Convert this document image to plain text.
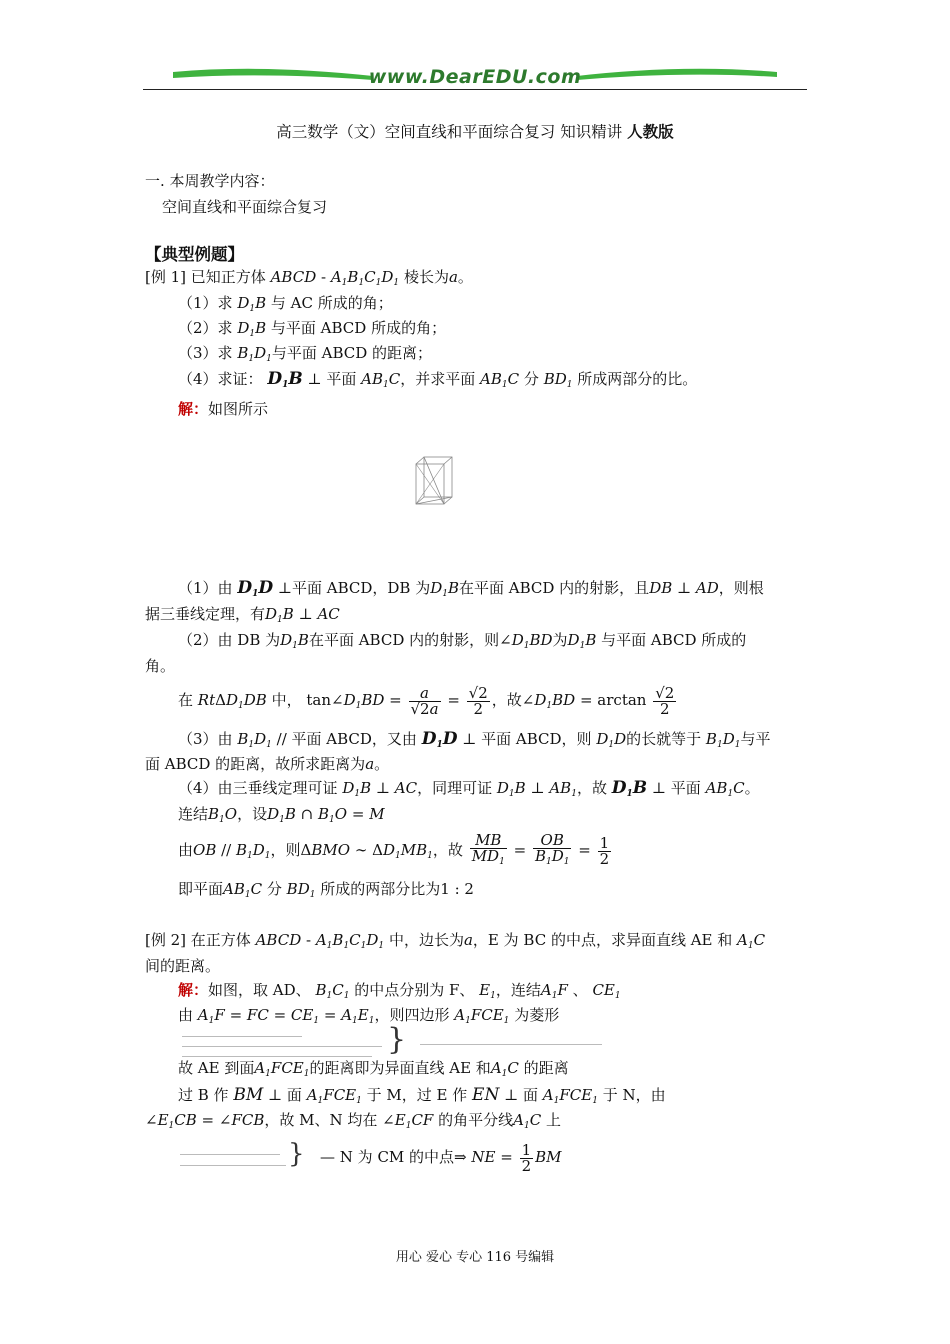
www.DearEDU.com
高三数学（文）空间直线和平面综合复习 知识精讲 人教版
一. 本周教学内容：
空间直线和平面综合复习
【典型例题】
[例 1] 已知正方体 ABCD - $A_1B_1C_1D_1$ 棱长为a。
（1）求 $D_1B$ 与 AC 所成的角；
（2）求 $D_1B$ 与平面 ABCD 所成的角；
（3）求 $B_1D_1$与平面 ABCD 的距离；
（4）求证： $D_1B$ ⊥ 平面 $AB_1C$，并求平面 $AB_1C$ 分 $BD_1$ 所成两部分的比。
解：如图所示
（1）由 $D_1D$ ⊥平面 ABCD，DB 为$D_1B$在平面 ABCD 内的射影，且DB ⊥ AD，则根
据三垂线定理，有$D_1B$ ⊥ AC
（2）由 DB 为$D_1B$在平面 ABCD 内的射影，则$\angle D_1BD$为$D_1B$ 与平面 ABCD 所成的
角。
在 RtΔD$_1$DB 中， $\tan\angle D_1BD = \frac{a}{√2a} = \frac{√2}{2}$ ，故$\angle D_1BD = \arctan \frac{√2}{2}$
（3）由 $B_1D_1$ // 平面 ABCD，又由 $D_1D$ ⊥ 平面 ABCD，则 $D_1D$的长就等于 $B_1D_1$与平
面 ABCD 的距离，故所求距离为a。
（4）由三垂线定理可证 $D_1B$ ⊥ AC，同理可证 $D_1B$ ⊥ $AB_1$，故 $D_1B$ ⊥ 平面 $AB_1C$。
连结$B_1O$，设$D_1B$ ∩ $B_1O = M$
由OB // $B_1D_1$，则ΔBMO ∼ $\Delta D_1MB_1$，故 $\frac{MB}{MD_1} = \frac{OB}{B_1D_1} = \frac{1}{2}$
即平面$AB_1C$ 分 $BD_1$ 所成的两部分比为1 : 2
[例 2] 在正方体 ABCD - $A_1B_1C_1D_1$ 中，边长为a，E 为 BC 的中点，求异面直线 AE 和 $A_1C$
间的距离。
解：如图，取 AD、 $B_1C_1$ 的中点分别为 F、 $E_1$，连结$A_1F$ 、 $CE_1$
由 $A_1F$ = FC = $CE_1 = A_1E_1$，则四边形 $A_1FCE_1$ 为菱形
}
故 AE 到面$A_1FCE_1$的距离即为异面直线 AE 和$A_1C$ 的距离
过 B 作 BM ⊥ 面 $A_1FCE_1$ 于 M，过 E 作 EN ⊥ 面 $A_1FCE_1$ 于 N，由
$\angle E_1CB$ = ∠FCB，故 M、N 均在 $\angle E_1CF$ 的角平分线$A_1C$ 上
} — N 为 CM 的中点⇒ NE = $\frac{1}{2}$ BM
用心 爱心 专心 116 号编辑
